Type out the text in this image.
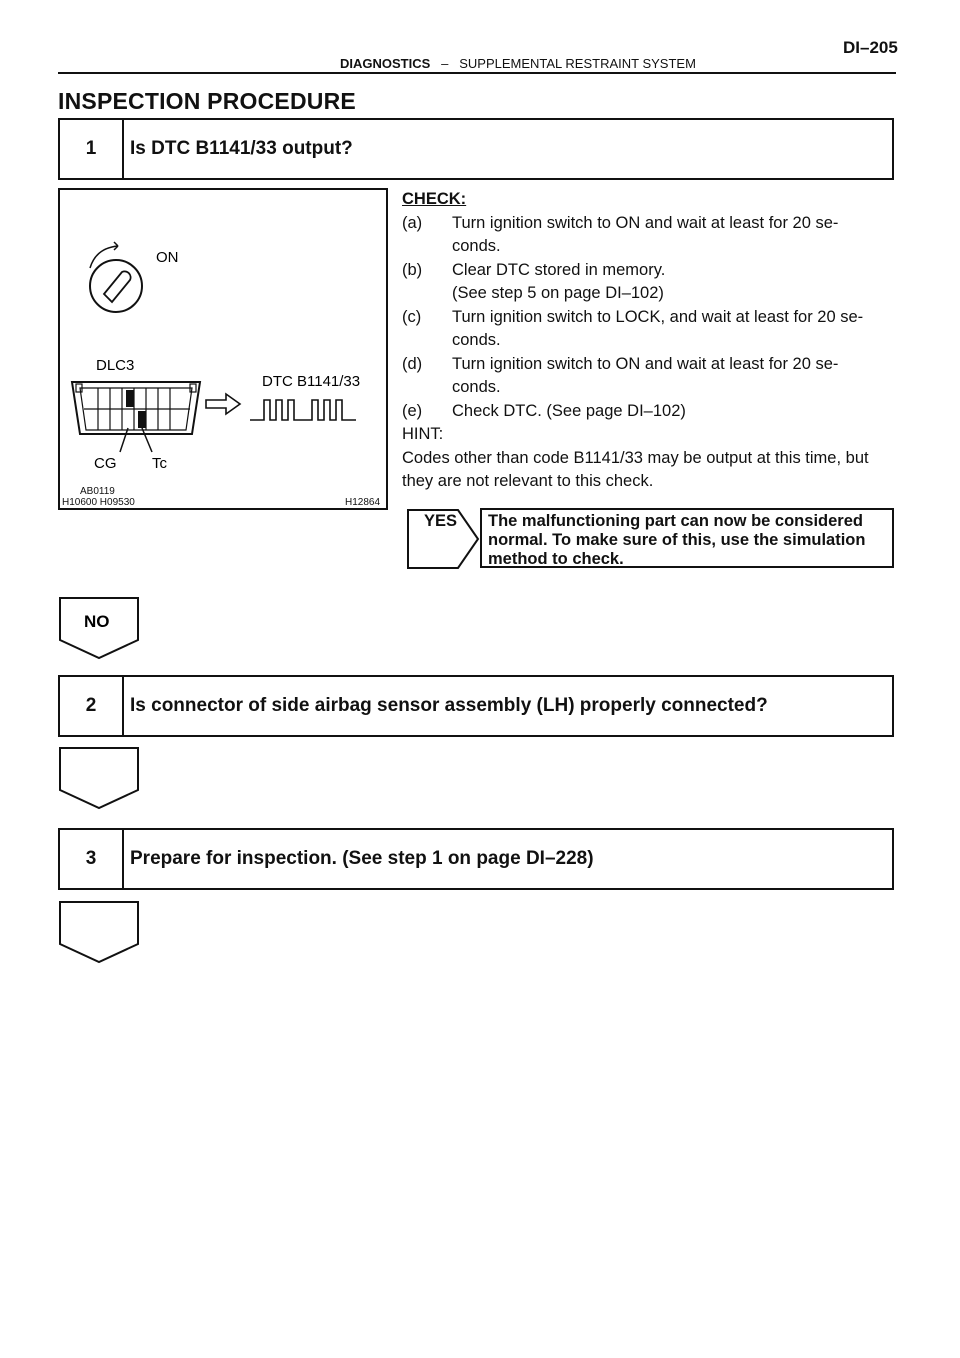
DI–205
DIAGNOSTICS – SUPPLEMENTAL RESTRAINT SYSTEM
INSPECTION PROCEDURE
1	Is DTC B1141/33 output?
ON
DLC3
CG Tc
DTC B1141/33
AB0119
H10600 H09530	H12864
CHECK:
(a)	Turn ignition switch to ON and wait at least for 20 se-
conds.
(b)	Clear DTC stored in memory.
(See step 5 on page DI–102)
(c)	Turn ignition switch to LOCK, and wait at least for 20 se-
conds.
(d)	Turn ignition switch to ON and wait at least for 20 se-
conds.
(e)	Check DTC. (See page DI–102)
HINT:
Codes other than code B1141/33 may be output at this time, but
they are not relevant to this check.
YES The malfunctioning part can now be considered
normal. To make sure of this, use the simulation
method to check.
NO
2	Is connector of side airbag sensor assembly (LH) properly connected?
3	Prepare for inspection. (See step 1 on page DI–228)
